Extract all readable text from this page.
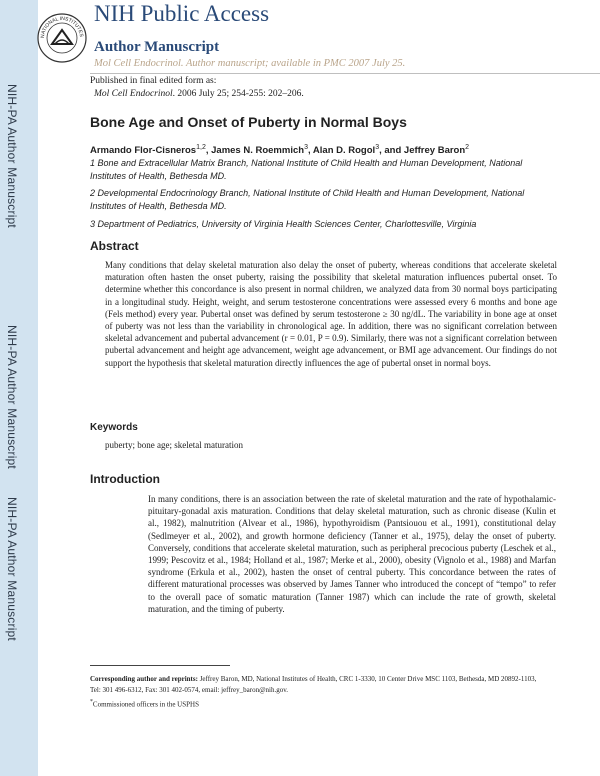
NIH-PA Author Manuscript
NIH-PA Author Manuscript
NIH-PA Author Manuscript
NATIONAL INSTITUTES
NIH Public Access
Author Manuscript
Mol Cell Endocrinol. Author manuscript; available in PMC 2007 July 25.
Published in final edited form as:
Mol Cell Endocrinol. 2006 July 25; 254-255: 202–206.
Bone Age and Onset of Puberty in Normal Boys
Armando Flor-Cisneros$^{1,2}$, James N. Roemmich$^3$, Alan D. Rogol$^3$, and Jeffrey Baron$^2$
1 Bone and Extracellular Matrix Branch, National Institute of Child Health and Human Development, National Institutes of Health, Bethesda MD.
2 Developmental Endocrinology Branch, National Institute of Child Health and Human Development, National Institutes of Health, Bethesda MD.
3 Department of Pediatrics, University of Virginia Health Sciences Center, Charlottesville, Virginia
Abstract
Many conditions that delay skeletal maturation also delay the onset of puberty, whereas conditions that accelerate skeletal maturation often hasten the onset puberty, raising the possibility that skeletal maturation influences pubertal onset. To determine whether this concordance is also present in normal children, we analyzed data from 30 normal boys participating in a longitudinal study. Height, weight, and serum testosterone concentrations were assessed every 6 months and bone age (Fels method) every year. Pubertal onset was defined by serum testosterone ≥ 30 ng/dL. The variability in bone age at onset of puberty was not less than the variability in chronological age. In addition, there was no significant correlation between skeletal advancement and pubertal advancement (r = 0.01, P = 0.9). Similarly, there was not a significant correlation between pubertal advancement and height age advancement, weight age advancement, or BMI age advancement. Our findings do not support the hypothesis that skeletal maturation directly influences the age of pubertal onset in normal boys.
Keywords
puberty; bone age; skeletal maturation
Introduction
In many conditions, there is an association between the rate of skeletal maturation and the rate of hypothalamic-pituitary-gonadal axis maturation. Conditions that delay skeletal maturation, such as chronic disease (Kulin et al., 1982), malnutrition (Alvear et al., 1986), hypothyroidism (Pantsiouou et al., 1991), constitutional delay (Sedlmeyer et al., 2002), and growth hormone deficiency (Tanner et al., 1975), delay the onset of puberty. Conversely, conditions that accelerate skeletal maturation, such as peripheral precocious puberty (Leschek et al., 1999; Pescovitz et al., 1984; Holland et al., 1987; Merke et al., 2000), obesity (Vignolo et al., 1988) and Marfan syndrome (Erkula et al., 2002), hasten the onset of central puberty. This concordance between the rates of different maturational processes was observed by James Tanner who introduced the concept of “tempo” to refer to the overall pace of somatic maturation (Tanner 1987) which can include the rate of growth, skeletal maturation, and the timing of puberty.
Corresponding author and reprints: Jeffrey Baron, MD, National Institutes of Health, CRC 1-3330, 10 Center Drive MSC 1103, Bethesda, MD 20892-1103, Tel: 301 496-6312, Fax: 301 402-0574, email: jeffrey_baron@nih.gov.
*Commissioned officers in the USPHS
